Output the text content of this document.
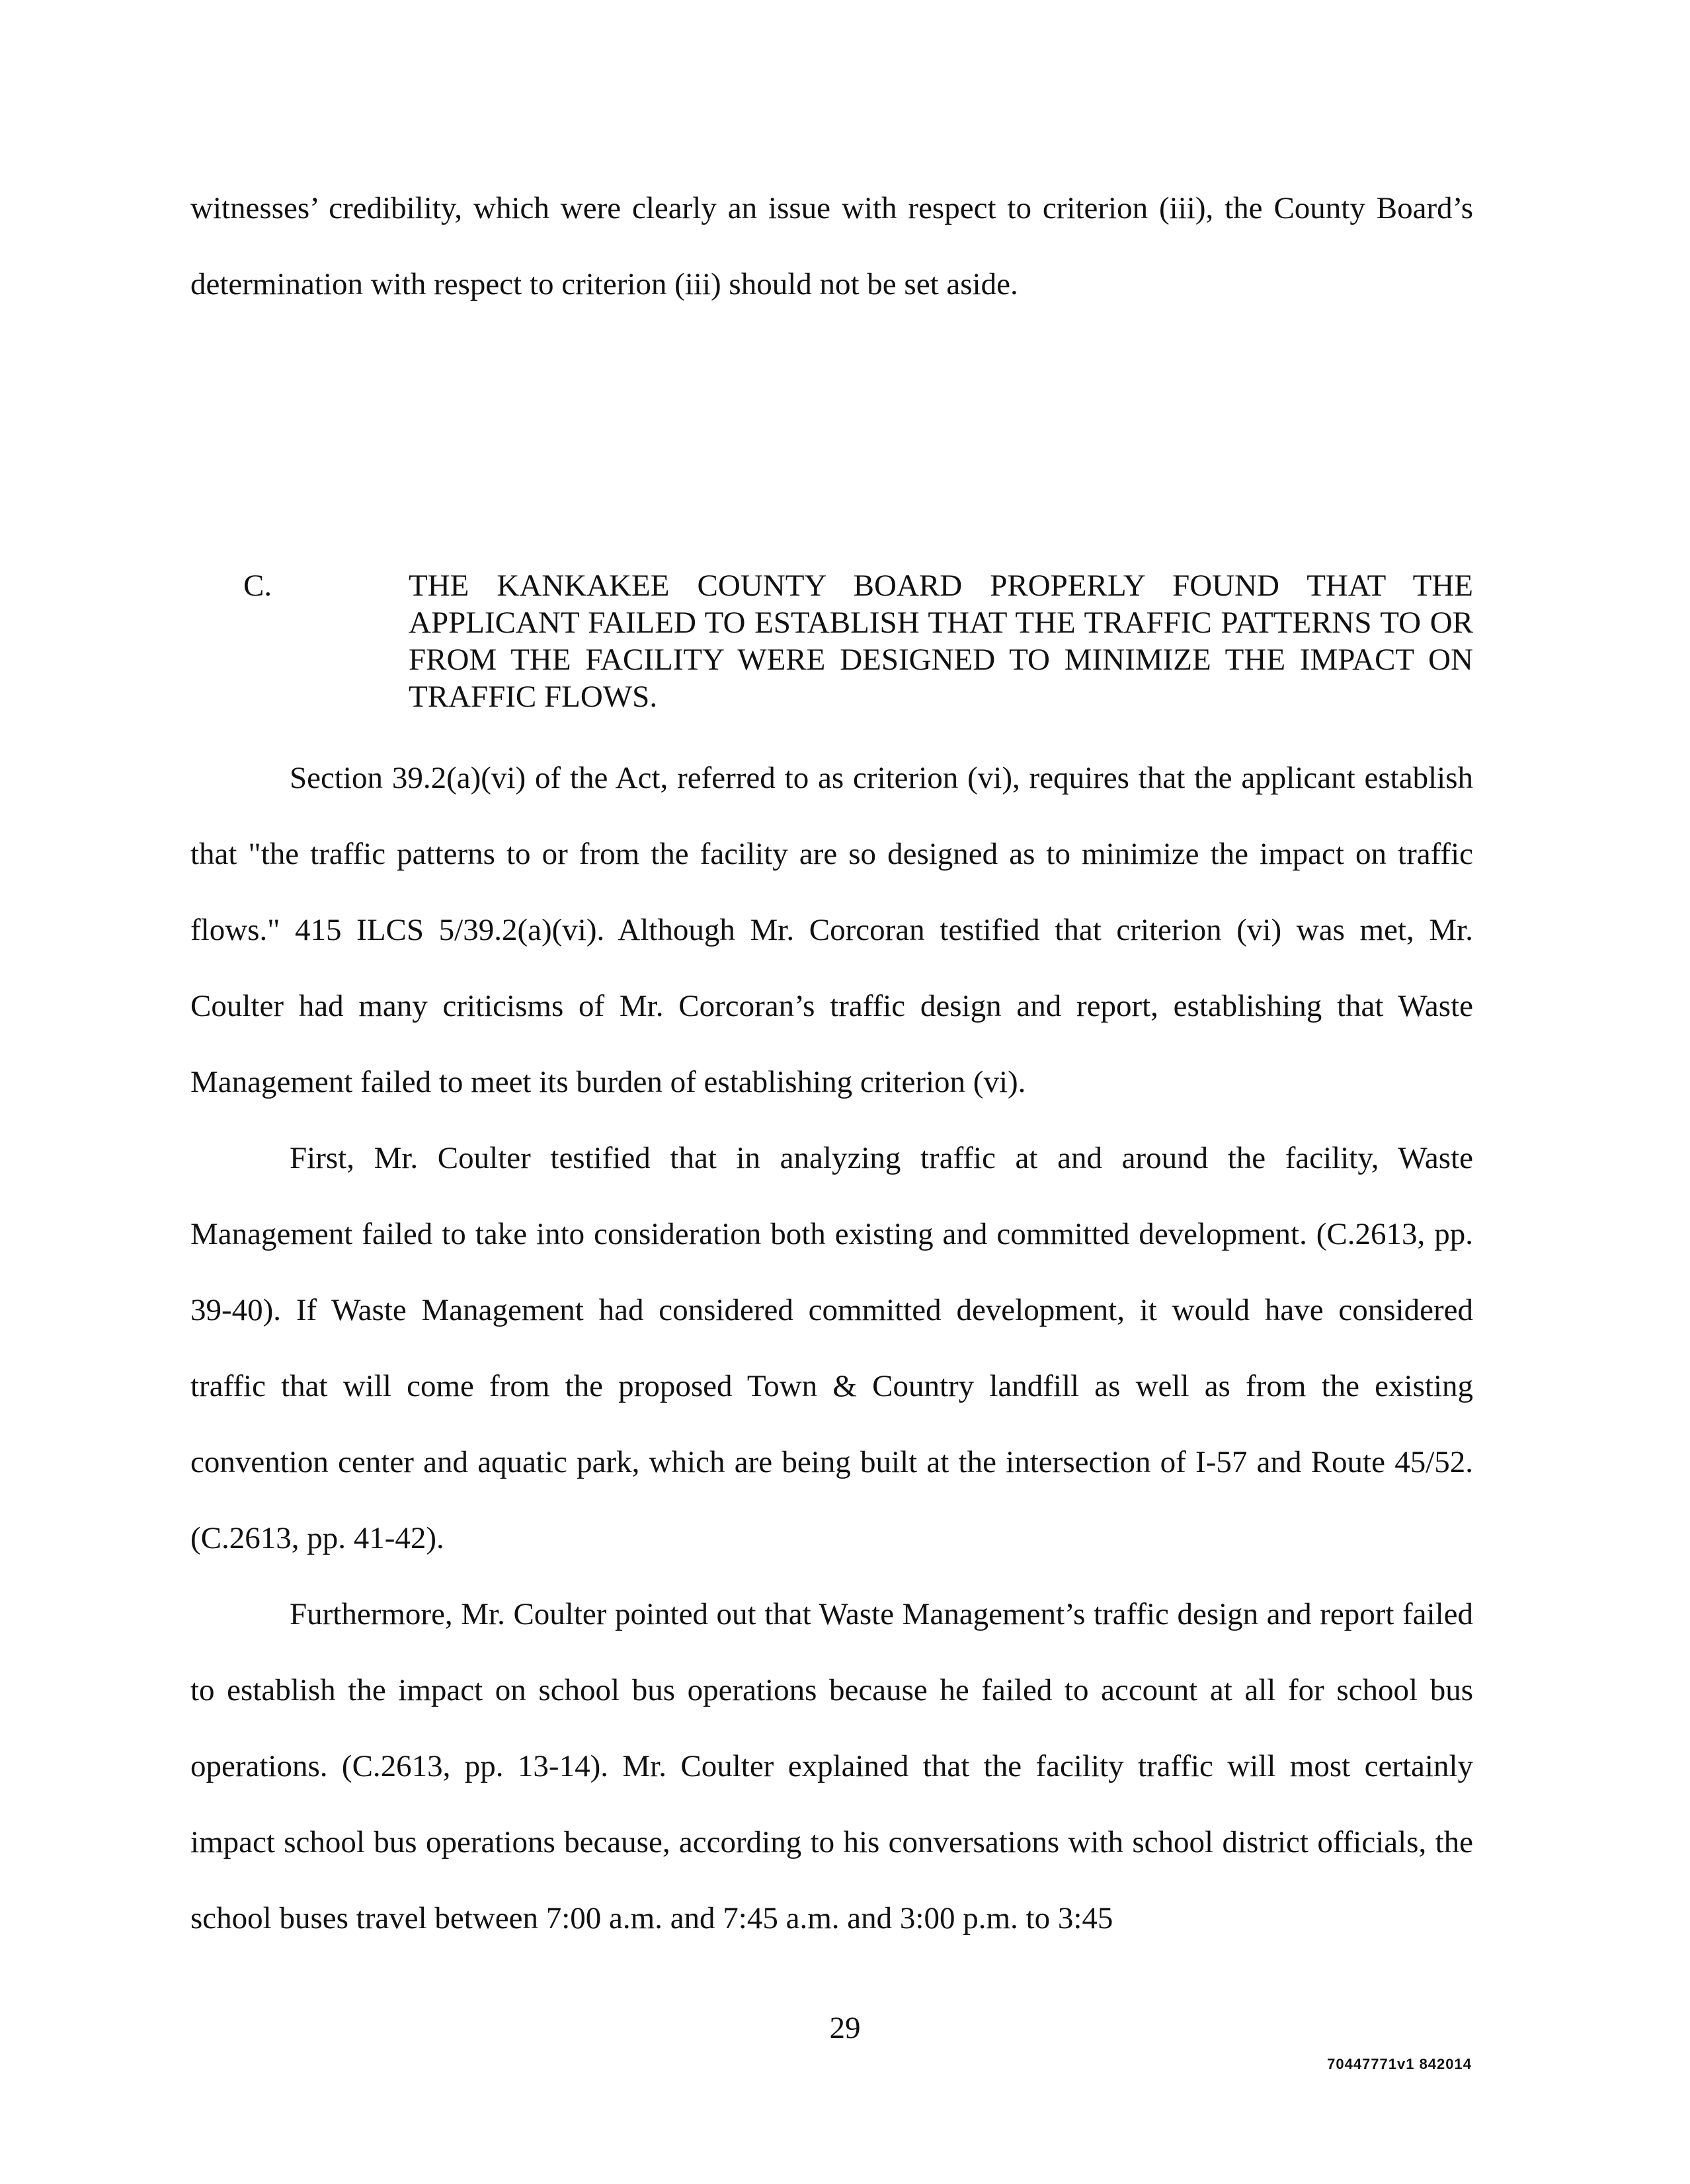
witnesses’ credibility, which were clearly an issue with respect to criterion (iii), the County Board’s determination with respect to criterion (iii) should not be set aside.

C.	THE KANKAKEE COUNTY BOARD PROPERLY FOUND THAT THE APPLICANT FAILED TO ESTABLISH THAT THE TRAFFIC PATTERNS TO OR FROM THE FACILITY WERE DESIGNED TO MINIMIZE THE IMPACT ON TRAFFIC FLOWS.

Section 39.2(a)(vi) of the Act, referred to as criterion (vi), requires that the applicant establish that "the traffic patterns to or from the facility are so designed as to minimize the impact on traffic flows." 415 ILCS 5/39.2(a)(vi). Although Mr. Corcoran testified that criterion (vi) was met, Mr. Coulter had many criticisms of Mr. Corcoran’s traffic design and report, establishing that Waste Management failed to meet its burden of establishing criterion (vi).

First, Mr. Coulter testified that in analyzing traffic at and around the facility, Waste Management failed to take into consideration both existing and committed development. (C.2613, pp. 39-40). If Waste Management had considered committed development, it would have considered traffic that will come from the proposed Town & Country landfill as well as from the existing convention center and aquatic park, which are being built at the intersection of I-57 and Route 45/52. (C.2613, pp. 41-42).

Furthermore, Mr. Coulter pointed out that Waste Management’s traffic design and report failed to establish the impact on school bus operations because he failed to account at all for school bus operations. (C.2613, pp. 13-14). Mr. Coulter explained that the facility traffic will most certainly impact school bus operations because, according to his conversations with school district officials, the school buses travel between 7:00 a.m. and 7:45 a.m. and 3:00 p.m. to 3:45

29
70447771v1 842014
